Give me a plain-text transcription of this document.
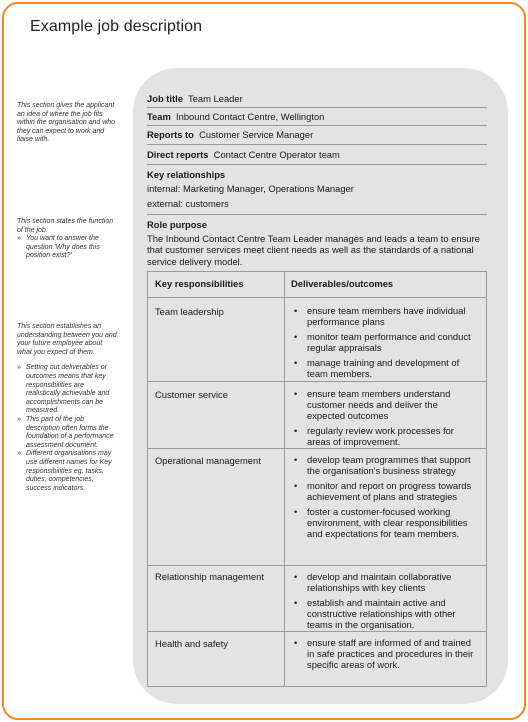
Example job description
This section gives the applicant an idea of where the job fits within the organisation and who they can expect to work and liaise with.
This section states the function of the job.
» You want to answer the question 'Why does this position exist?'
This section establishes an understanding between you and your future employee about what you expect of them.
» Setting out deliverables or outcomes means that key responsibilities are realistically achievable and accomplishments can be measured.
» This part of the job description often forms the foundation of a performance assessment document.
» Different organisations may use different names for Key responsibilities eg, tasks, duties, competencies, success indicators.
Job title Team Leader
Team Inbound Contact Centre, Wellington
Reports to Customer Service Manager
Direct reports Contact Centre Operator team
Key relationships
internal: Marketing Manager, Operations Manager
external: customers
Role purpose
The Inbound Contact Centre Team Leader manages and leads a team to ensure that customer services meet client needs as well as the standards of a national service delivery model.
Key responsibilities	Deliverables/outcomes
Team leadership	• ensure team members have individual performance plans
• monitor team performance and conduct regular appraisals
• manage training and development of team members.
Customer service	• ensure team members understand customer needs and deliver the expected outcomes
• regularly review work processes for areas of improvement.
Operational management	• develop team programmes that support the organisation's business strategy
• monitor and report on progress towards achievement of plans and strategies
• foster a customer-focused working environment, with clear responsibilities and expectations for team members.
Relationship management	• develop and maintain collaborative relationships with key clients
• establish and maintain active and constructive relationships with other teams in the organisation.
Health and safety	• ensure staff are informed of and trained in safe practices and procedures in their specific areas of work.
